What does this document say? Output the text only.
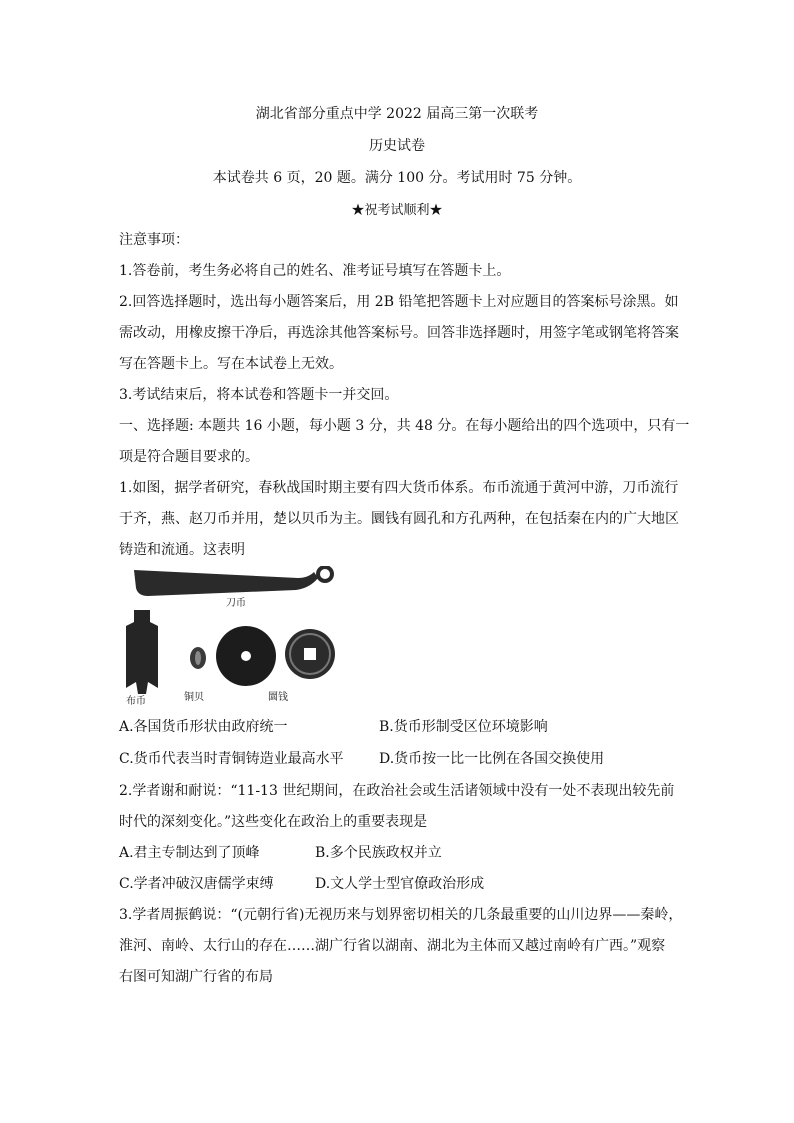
湖北省部分重点中学 2022 届高三第一次联考
历史试卷
本试卷共 6 页，20 题。满分 100 分。考试用时 75 分钟。
★祝考试顺利★
注意事项：
1.答卷前，考生务必将自己的姓名、准考证号填写在答题卡上。
2.回答选择题时，选出每小题答案后，用 2B 铅笔把答题卡上对应题目的答案标号涂黑。如
需改动，用橡皮擦干净后，再选涂其他答案标号。回答非选择题时，用签字笔或钢笔将答案
写在答题卡上。写在本试卷上无效。
3.考试结束后，将本试卷和答题卡一并交回。
一、选择题: 本题共 16 小题，每小题 3 分，共 48 分。在每小题给出的四个选项中，只有一
项是符合题目要求的。
1.如图，据学者研究，春秋战国时期主要有四大货币体系。布币流通于黄河中游，刀币流行
于齐，燕、赵刀币并用，楚以贝币为主。圜钱有圆孔和方孔两种，在包括秦在内的广大地区
铸造和流通。这表明
刀币
布币	铜贝	圜钱
A.各国货币形状由政府统一	B.货币形制受区位环境影响
C.货币代表当时青铜铸造业最高水平	D.货币按一比一比例在各国交换使用
2.学者谢和耐说：“11-13 世纪期间，在政治社会或生活诸领域中没有一处不表现出较先前
时代的深刻变化。”这些变化在政治上的重要表现是
A.君主专制达到了顶峰	B.多个民族政权并立
C.学者冲破汉唐儒学束缚	D.文人学士型官僚政治形成
3.学者周振鹤说：“(元朝行省)无视历来与划界密切相关的几条最重要的山川边界——秦岭，
淮河、南岭、太行山的存在……湖广行省以湖南、湖北为主体而又越过南岭有广西。”观察
右图可知湖广行省的布局
